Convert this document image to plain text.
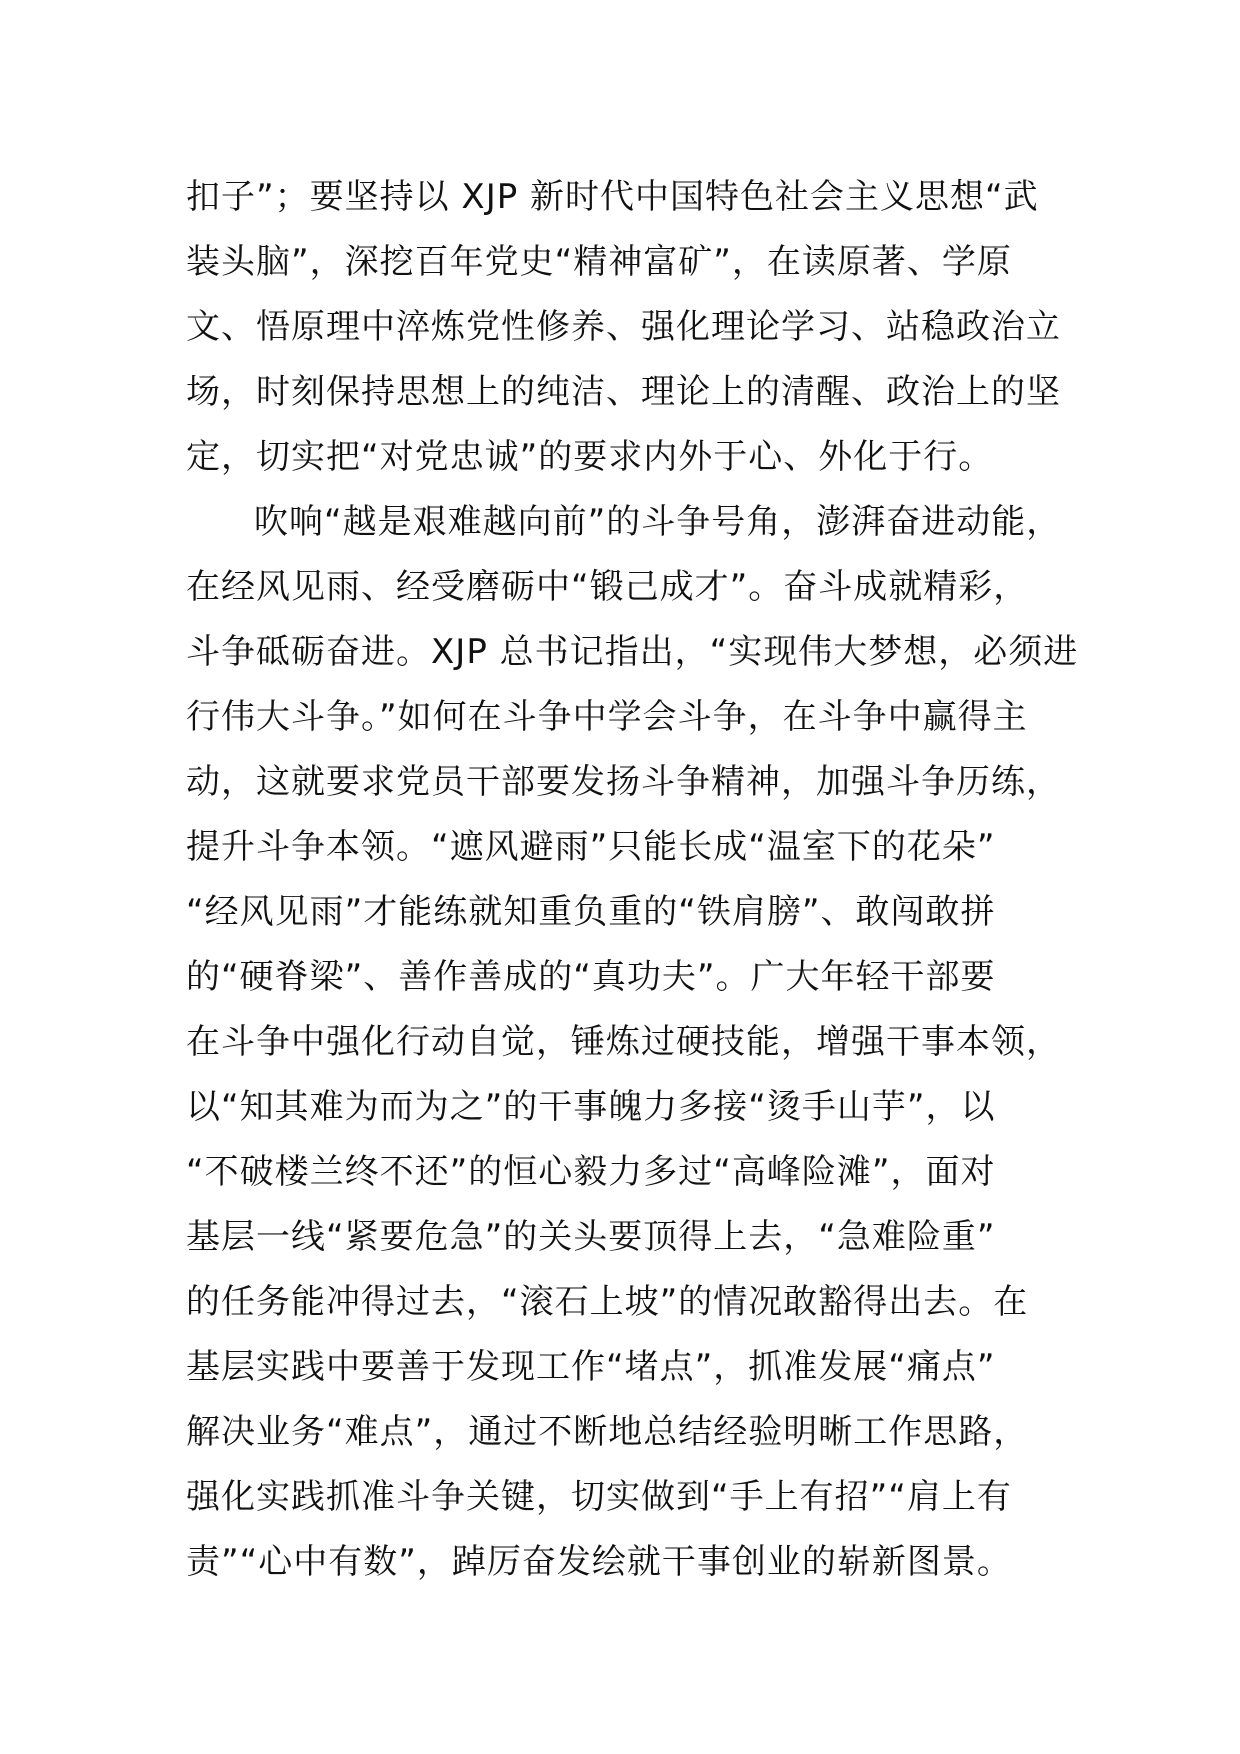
扣子”；要坚持以 XJP 新时代中国特色社会主义思想“武
装头脑”，深挖百年党史“精神富矿”，在读原著、学原
文、悟原理中淬炼党性修养、强化理论学习、站稳政治立
场，时刻保持思想上的纯洁、理论上的清醒、政治上的坚
定，切实把“对党忠诚”的要求内外于心、外化于行。
吹响“越是艰难越向前”的斗争号角，澎湃奋进动能，
在经风见雨、经受磨砺中“锻己成才”。奋斗成就精彩，
斗争砥砺奋进。XJP 总书记指出，“实现伟大梦想，必须进
行伟大斗争。”如何在斗争中学会斗争，在斗争中赢得主
动，这就要求党员干部要发扬斗争精神，加强斗争历练，
提升斗争本领。“遮风避雨”只能长成“温室下的花朵”
“经风见雨”才能练就知重负重的“铁肩膀”、敢闯敢拼
的“硬脊梁”、善作善成的“真功夫”。广大年轻干部要
在斗争中强化行动自觉，锤炼过硬技能，增强干事本领，
以“知其难为而为之”的干事魄力多接“烫手山芋”，以
“不破楼兰终不还”的恒心毅力多过“高峰险滩”，面对
基层一线“紧要危急”的关头要顶得上去，“急难险重”
的任务能冲得过去，“滚石上坡”的情况敢豁得出去。在
基层实践中要善于发现工作“堵点”，抓准发展“痛点”
解决业务“难点”，通过不断地总结经验明晰工作思路，
强化实践抓准斗争关键，切实做到“手上有招”“肩上有
责”“心中有数”，踔厉奋发绘就干事创业的崭新图景。
